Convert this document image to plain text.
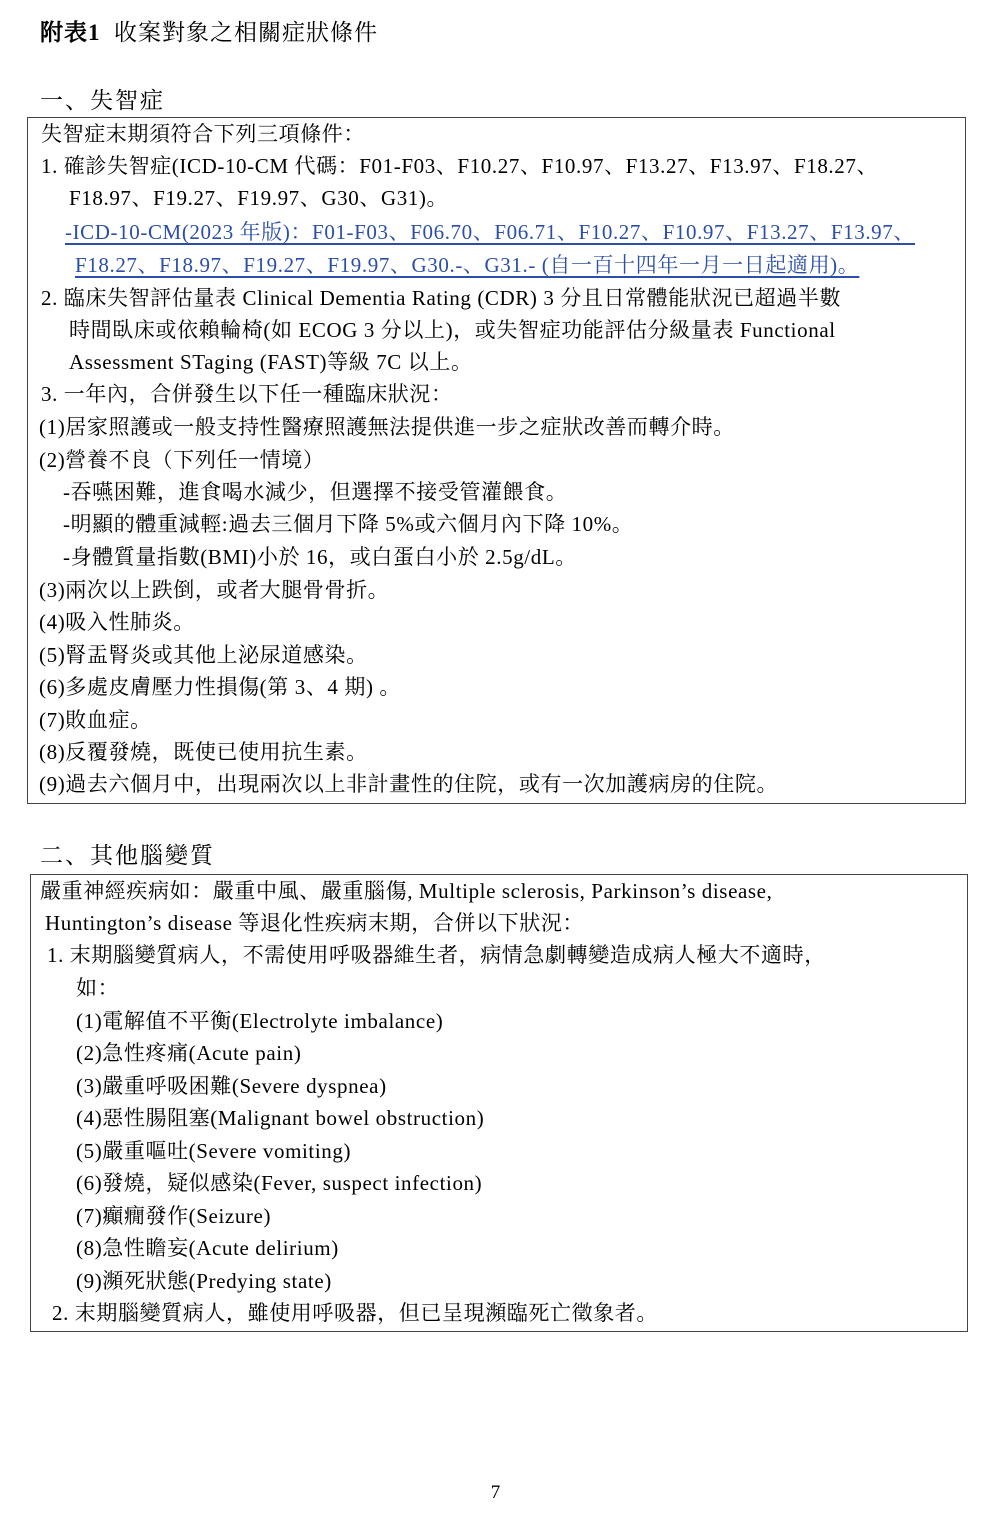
附表1 收案對象之相關症狀條件
一、失智症
失智症末期須符合下列三項條件：
1. 確診失智症(ICD-10-CM 代碼：F01-F03、F10.27、F10.97、F13.27、F13.97、F18.27、
F18.97、F19.27、F19.97、G30、G31)。
-ICD-10-CM(2023 年版)：F01-F03、F06.70、F06.71、F10.27、F10.97、F13.27、F13.97、
F18.27、F18.97、F19.27、F19.97、G30.-、G31.- (自一百十四年一月一日起適用)。
2. 臨床失智評估量表 Clinical Dementia Rating (CDR) 3 分且日常體能狀況已超過半數
時間臥床或依賴輪椅(如 ECOG 3 分以上)，或失智症功能評估分級量表 Functional
Assessment STaging (FAST)等級 7C 以上。
3. 一年內，合併發生以下任一種臨床狀況：
(1)居家照護或一般支持性醫療照護無法提供進一步之症狀改善而轉介時。
(2)營養不良（下列任一情境）
-吞嚥困難，進食喝水減少，但選擇不接受管灌餵食。
-明顯的體重減輕:過去三個月下降 5%或六個月內下降 10%。
-身體質量指數(BMI)小於 16，或白蛋白小於 2.5g/dL。
(3)兩次以上跌倒，或者大腿骨骨折。
(4)吸入性肺炎。
(5)腎盂腎炎或其他上泌尿道感染。
(6)多處皮膚壓力性損傷(第 3、4 期) 。
(7)敗血症。
(8)反覆發燒，既使已使用抗生素。
(9)過去六個月中，出現兩次以上非計畫性的住院，或有一次加護病房的住院。
二、其他腦變質
嚴重神經疾病如：嚴重中風、嚴重腦傷, Multiple sclerosis, Parkinson’s disease,
Huntington’s disease 等退化性疾病末期，合併以下狀況：
1. 末期腦變質病人，不需使用呼吸器維生者，病情急劇轉變造成病人極大不適時，
如：
(1)電解值不平衡(Electrolyte imbalance)
(2)急性疼痛(Acute pain)
(3)嚴重呼吸困難(Severe dyspnea)
(4)惡性腸阻塞(Malignant bowel obstruction)
(5)嚴重嘔吐(Severe vomiting)
(6)發燒，疑似感染(Fever, suspect infection)
(7)癲癇發作(Seizure)
(8)急性瞻妄(Acute delirium)
(9)瀕死狀態(Predying state)
2. 末期腦變質病人，雖使用呼吸器，但已呈現瀕臨死亡徵象者。
7
